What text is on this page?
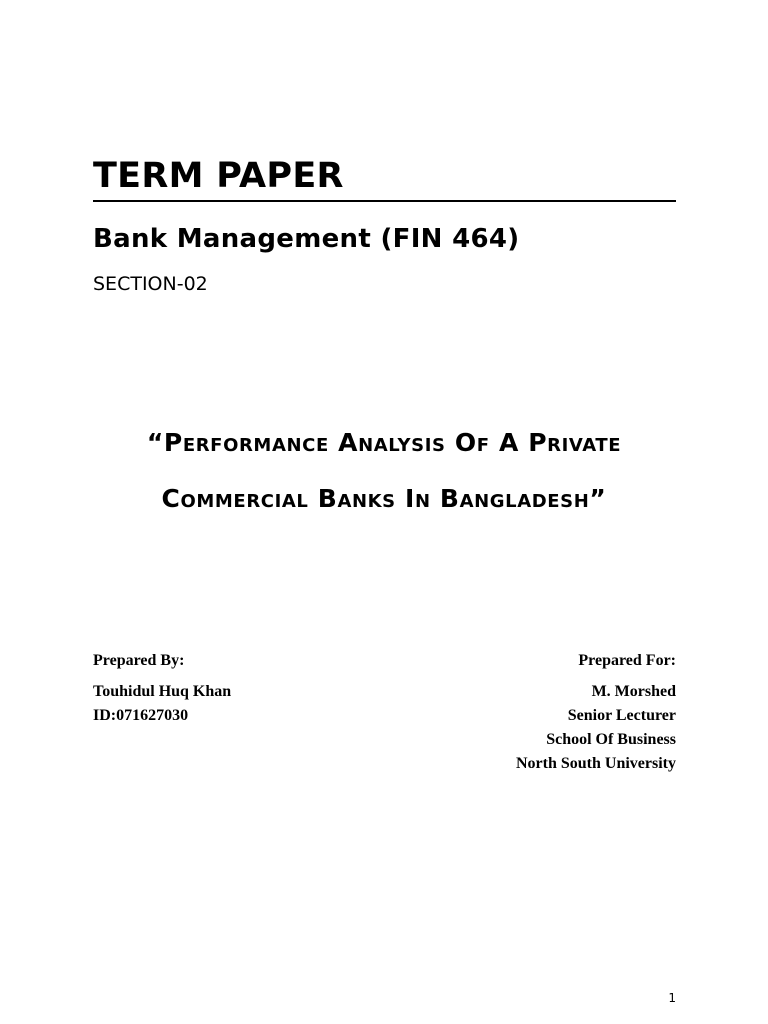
TERM PAPER
Bank Management (FIN 464)
SECTION-02
“Performance Analysis Of A Private
Commercial Banks In Bangladesh”
Prepared By:
Touhidul Huq Khan
ID:071627030
Prepared For:
M. Morshed
Senior Lecturer
School Of Business
North South University
1
